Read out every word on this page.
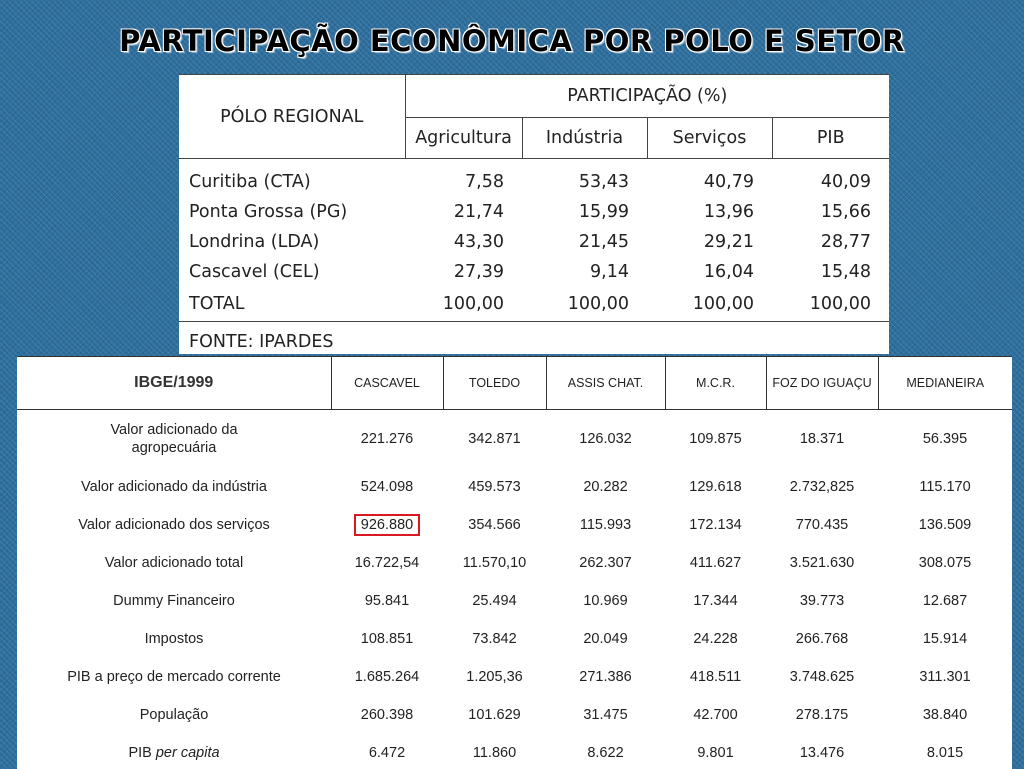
PARTICIPAÇÃO ECONÔMICA POR POLO E SETOR
PÓLO REGIONAL	PARTICIPAÇÃO (%)			
	Agricultura	Indústria	Serviços	PIB
Curitiba (CTA)	7,58	53,43	40,79	40,09
Ponta Grossa (PG)	21,74	15,99	13,96	15,66
Londrina (LDA)	43,30	21,45	29,21	28,77
Cascavel (CEL)	27,39	9,14	16,04	15,48
TOTAL	100,00	100,00	100,00	100,00
FONTE: IPARDES				
IBGE/1999	CASCAVEL	TOLEDO	ASSIS CHAT.	M.C.R.	FOZ DO IGUAÇU	MEDIANEIRA
Valor adicionado da agropecuária	221.276	342.871	126.032	109.875	18.371	56.395
Valor adicionado da indústria	524.098	459.573	20.282	129.618	2.732,825	115.170
Valor adicionado dos serviços	926.880	354.566	115.993	172.134	770.435	136.509
Valor adicionado total	16.722,54	11.570,10	262.307	411.627	3.521.630	308.075
Dummy Financeiro	95.841	25.494	10.969	17.344	39.773	12.687
Impostos	108.851	73.842	20.049	24.228	266.768	15.914
PIB a preço de mercado corrente	1.685.264	1.205,36	271.386	418.511	3.748.625	311.301
População	260.398	101.629	31.475	42.700	278.175	38.840
PIB per capita	6.472	11.860	8.622	9.801	13.476	8.015
